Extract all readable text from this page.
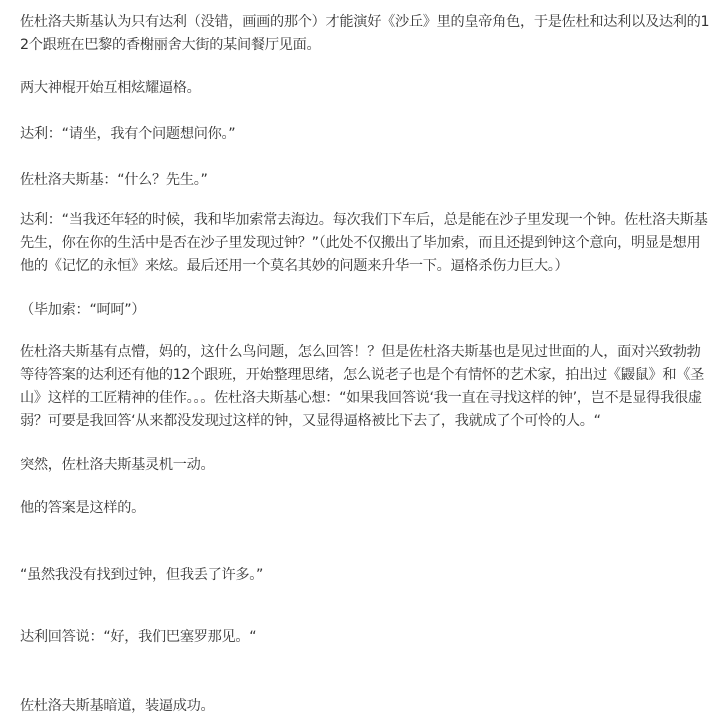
佐杜洛夫斯基认为只有达利（没错，画画的那个）才能演好《沙丘》里的皇帝角色，于是佐杜和达利以及达利的12个跟班在巴黎的香榭丽舍大街的某间餐厅见面。

两大神棍开始互相炫耀逼格。

达利：“请坐，我有个问题想问你。”

佐杜洛夫斯基：“什么？先生。”

达利：“当我还年轻的时候，我和毕加索常去海边。每次我们下车后，总是能在沙子里发现一个钟。佐杜洛夫斯基先生，你在你的生活中是否在沙子里发现过钟？”（此处不仅搬出了毕加索，而且还提到钟这个意向，明显是想用他的《记忆的永恒》来炫。最后还用一个莫名其妙的问题来升华一下。逼格杀伤力巨大。）

（毕加索：“呵呵”）

佐杜洛夫斯基有点懵，妈的，这什么鸟问题，怎么回答！？但是佐杜洛夫斯基也是见过世面的人，面对兴致勃勃等待答案的达利还有他的12个跟班，开始整理思绪，怎么说老子也是个有情怀的艺术家，拍出过《鼹鼠》和《圣山》这样的工匠精神的佳作。。。佐杜洛夫斯基心想：“如果我回答说‘我一直在寻找这样的钟’，岂不是显得我很虚弱？可要是我回答‘从来都没发现过这样的钟，又显得逼格被比下去了，我就成了个可怜的人。“

突然，佐杜洛夫斯基灵机一动。

他的答案是这样的。

“虽然我没有找到过钟，但我丢了许多。”

达利回答说：“好，我们巴塞罗那见。“

佐杜洛夫斯基暗道，装逼成功。
